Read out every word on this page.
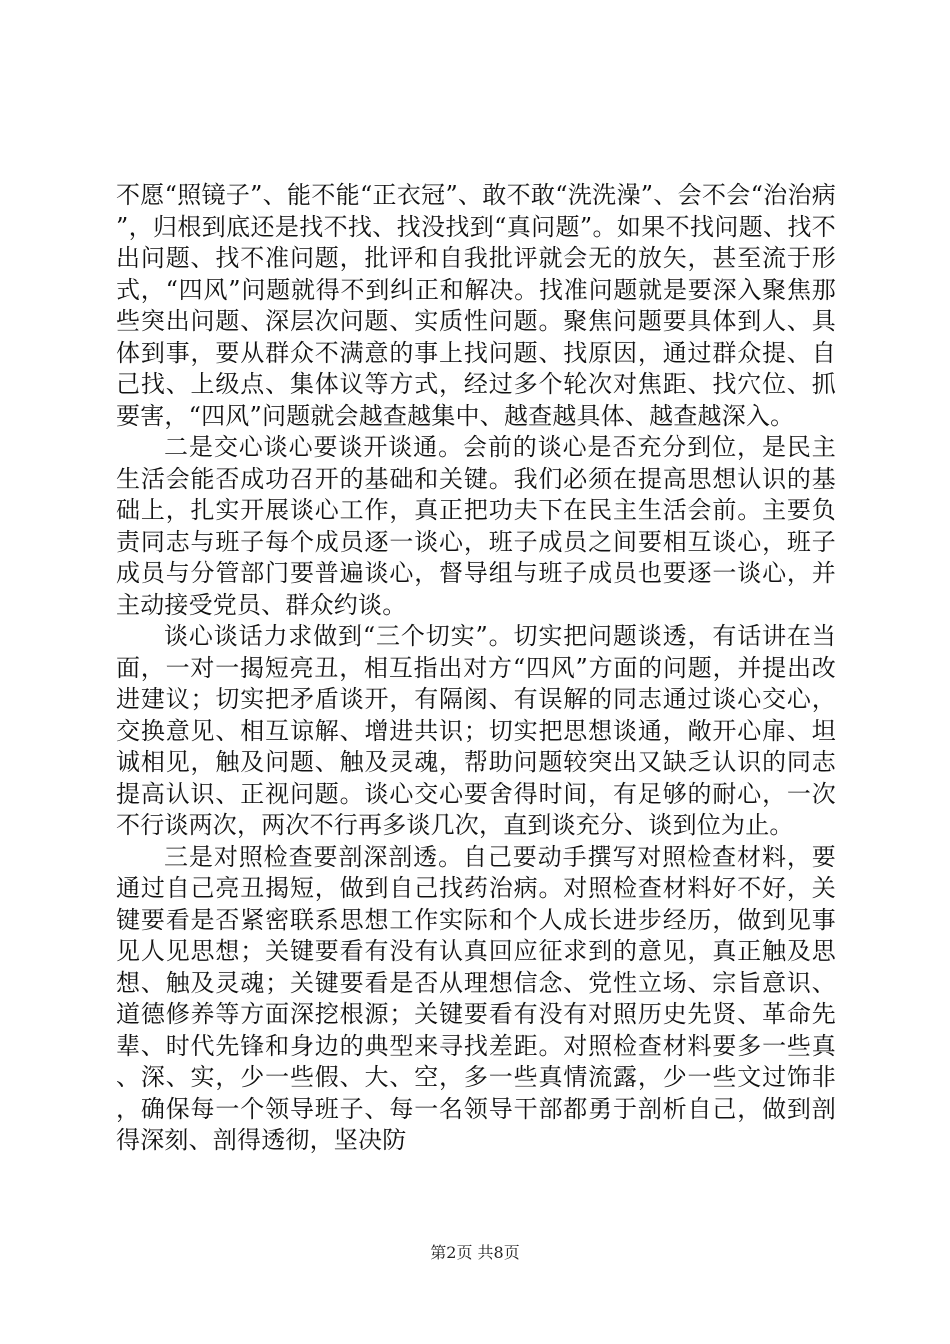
不愿“照镜子”、能不能“正衣冠”、敢不敢“洗洗澡”、会不会“治治病”，归根到底还是找不找、找没找到“真问题”。如果不找问题、找不出问题、找不准问题，批评和自我批评就会无的放矢，甚至流于形式，“四风”问题就得不到纠正和解决。找准问题就是要深入聚焦那些突出问题、深层次问题、实质性问题。聚焦问题要具体到人、具体到事，要从群众不满意的事上找问题、找原因，通过群众提、自己找、上级点、集体议等方式，经过多个轮次对焦距、找穴位、抓要害，“四风”问题就会越查越集中、越查越具体、越查越深入。

二是交心谈心要谈开谈通。会前的谈心是否充分到位，是民主生活会能否成功召开的基础和关键。我们必须在提高思想认识的基础上，扎实开展谈心工作，真正把功夫下在民主生活会前。主要负责同志与班子每个成员逐一谈心，班子成员之间要相互谈心，班子成员与分管部门要普遍谈心，督导组与班子成员也要逐一谈心，并主动接受党员、群众约谈。

谈心谈话力求做到“三个切实”。切实把问题谈透，有话讲在当面，一对一揭短亮丑，相互指出对方“四风”方面的问题，并提出改进建议；切实把矛盾谈开，有隔阂、有误解的同志通过谈心交心，交换意见、相互谅解、增进共识；切实把思想谈通，敞开心扉、坦诚相见，触及问题、触及灵魂，帮助问题较突出又缺乏认识的同志提高认识、正视问题。谈心交心要舍得时间，有足够的耐心，一次不行谈两次，两次不行再多谈几次，直到谈充分、谈到位为止。

三是对照检查要剖深剖透。自己要动手撰写对照检查材料，要通过自己亮丑揭短，做到自己找药治病。对照检查材料好不好，关键要看是否紧密联系思想工作实际和个人成长进步经历，做到见事见人见思想；关键要看有没有认真回应征求到的意见，真正触及思想、触及灵魂；关键要看是否从理想信念、党性立场、宗旨意识、道德修养等方面深挖根源；关键要看有没有对照历史先贤、革命先辈、时代先锋和身边的典型来寻找差距。对照检查材料要多一些真、深、实，少一些假、大、空，多一些真情流露，少一些文过饰非，确保每一个领导班子、每一名领导干部都勇于剖析自己，做到剖得深刻、剖得透彻，坚决防

第2页 共8页
